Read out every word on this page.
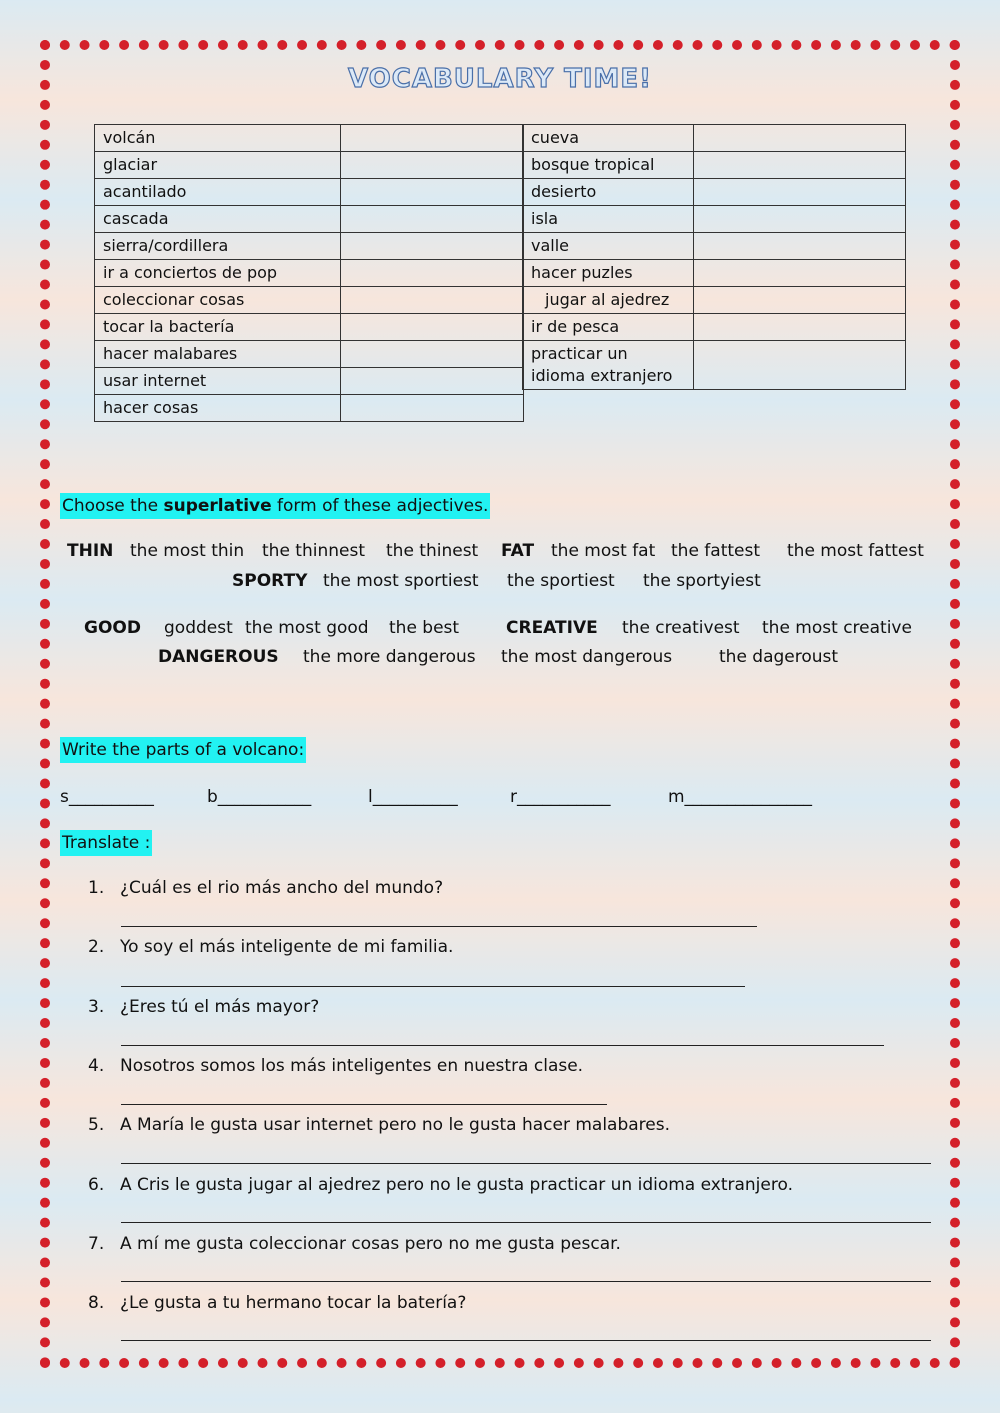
VOCABULARY TIME!
volcán	
glaciar	
acantilado	
cascada	
sierra/cordillera	
ir a conciertos de pop	
coleccionar cosas	
tocar la bactería	
hacer malabares	
usar internet	
hacer cosas	
cueva	
bosque tropical	
desierto	
isla	
valle	
hacer puzles	
jugar al ajedrez	
ir de pesca	
practicar un idioma extranjero	
Choose the superlative form of these adjectives.
THIN the most thin the thinnest the thinest FAT the most fat the fattest the most fattest
SPORTY the most sportiest the sportiest the sportyiest
GOOD goddest the most good the best	CREATIVE the creativest the most creative
DANGEROUS the more dangerous the most dangerous	the dageroust
Write the parts of a volcano:
s__________	b___________	l__________	r___________	m_______________
Translate :
1. ¿Cuál es el rio más ancho del mundo?
2. Yo soy el más inteligente de mi familia.
3. ¿Eres tú el más mayor?
4. Nosotros somos los más inteligentes en nuestra clase.
5. A María le gusta usar internet pero no le gusta hacer malabares.
6. A Cris le gusta jugar al ajedrez pero no le gusta practicar un idioma extranjero.
7. A mí me gusta coleccionar cosas pero no me gusta pescar.
8. ¿Le gusta a tu hermano tocar la batería?
